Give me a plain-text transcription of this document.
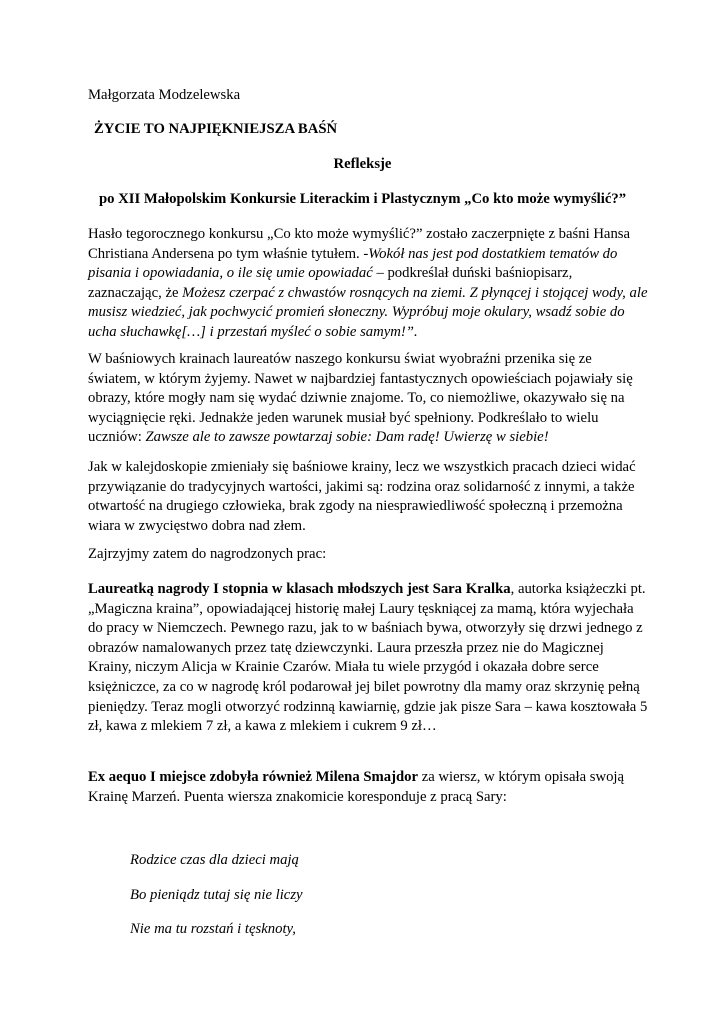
Małgorzata Modzelewska

ŻYCIE TO NAJPIĘKNIEJSZA BAŚŃ

Refleksje

po XII Małopolskim Konkursie Literackim i Plastycznym „Co kto może wymyślić?”

Hasło tegorocznego konkursu „Co kto może wymyślić?” zostało zaczerpnięte z baśni Hansa Christiana Andersena po tym właśnie tytułem. -Wokół nas jest pod dostatkiem tematów do pisania i opowiadania, o ile się umie opowiadać – podkreślał duński baśniopisarz, zaznaczając, że Możesz czerpać z chwastów rosnących na ziemi. Z płynącej i stojącej wody, ale musisz wiedzieć, jak pochwycić promień słoneczny. Wypróbuj moje okulary, wsadź sobie do ucha słuchawkę[…] i przestań myśleć o sobie samym!”.

W baśniowych krainach laureatów naszego konkursu świat wyobraźni przenika się ze światem, w którym żyjemy. Nawet w najbardziej fantastycznych opowieściach pojawiały się obrazy, które mogły nam się wydać dziwnie znajome. To, co niemożliwe, okazywało się na wyciągnięcie ręki. Jednakże jeden warunek musiał być spełniony. Podkreślało to wielu uczniów: Zawsze ale to zawsze powtarzaj sobie: Dam radę! Uwierzę w siebie!

Jak w kalejdoskopie zmieniały się baśniowe krainy, lecz we wszystkich pracach dzieci widać przywiązanie do tradycyjnych wartości, jakimi są: rodzina oraz solidarność z innymi, a także otwartość na drugiego człowieka, brak zgody na niesprawiedliwość społeczną i przemożna wiara w zwycięstwo dobra nad złem.

Zajrzyjmy zatem do nagrodzonych prac:

Laureatką nagrody I stopnia w klasach młodszych jest Sara Kralka, autorka książeczki pt. „Magiczna kraina”, opowiadającej historię małej Laury tęskniącej za mamą, która wyjechała do pracy w Niemczech. Pewnego razu, jak to w baśniach bywa, otworzyły się drzwi jednego z obrazów namalowanych przez tatę dziewczynki. Laura przeszła przez nie do Magicznej Krainy, niczym Alicja w Krainie Czarów. Miała tu wiele przygód i okazała dobre serce księżniczce, za co w nagrodę król podarował jej bilet powrotny dla mamy oraz skrzynię pełną pieniędzy. Teraz mogli otworzyć rodzinną kawiarnię, gdzie jak pisze Sara – kawa kosztowała 5 zł, kawa z mlekiem 7 zł, a kawa z mlekiem i cukrem 9 zł…

Ex aequo I miejsce zdobyła również Milena Smajdor za wiersz, w którym opisała swoją Krainę Marzeń. Puenta wiersza znakomicie koresponduje z pracą Sary:

Rodzice czas dla dzieci mają

Bo pieniądz tutaj się nie liczy

Nie ma tu rozstań i tęsknoty,
